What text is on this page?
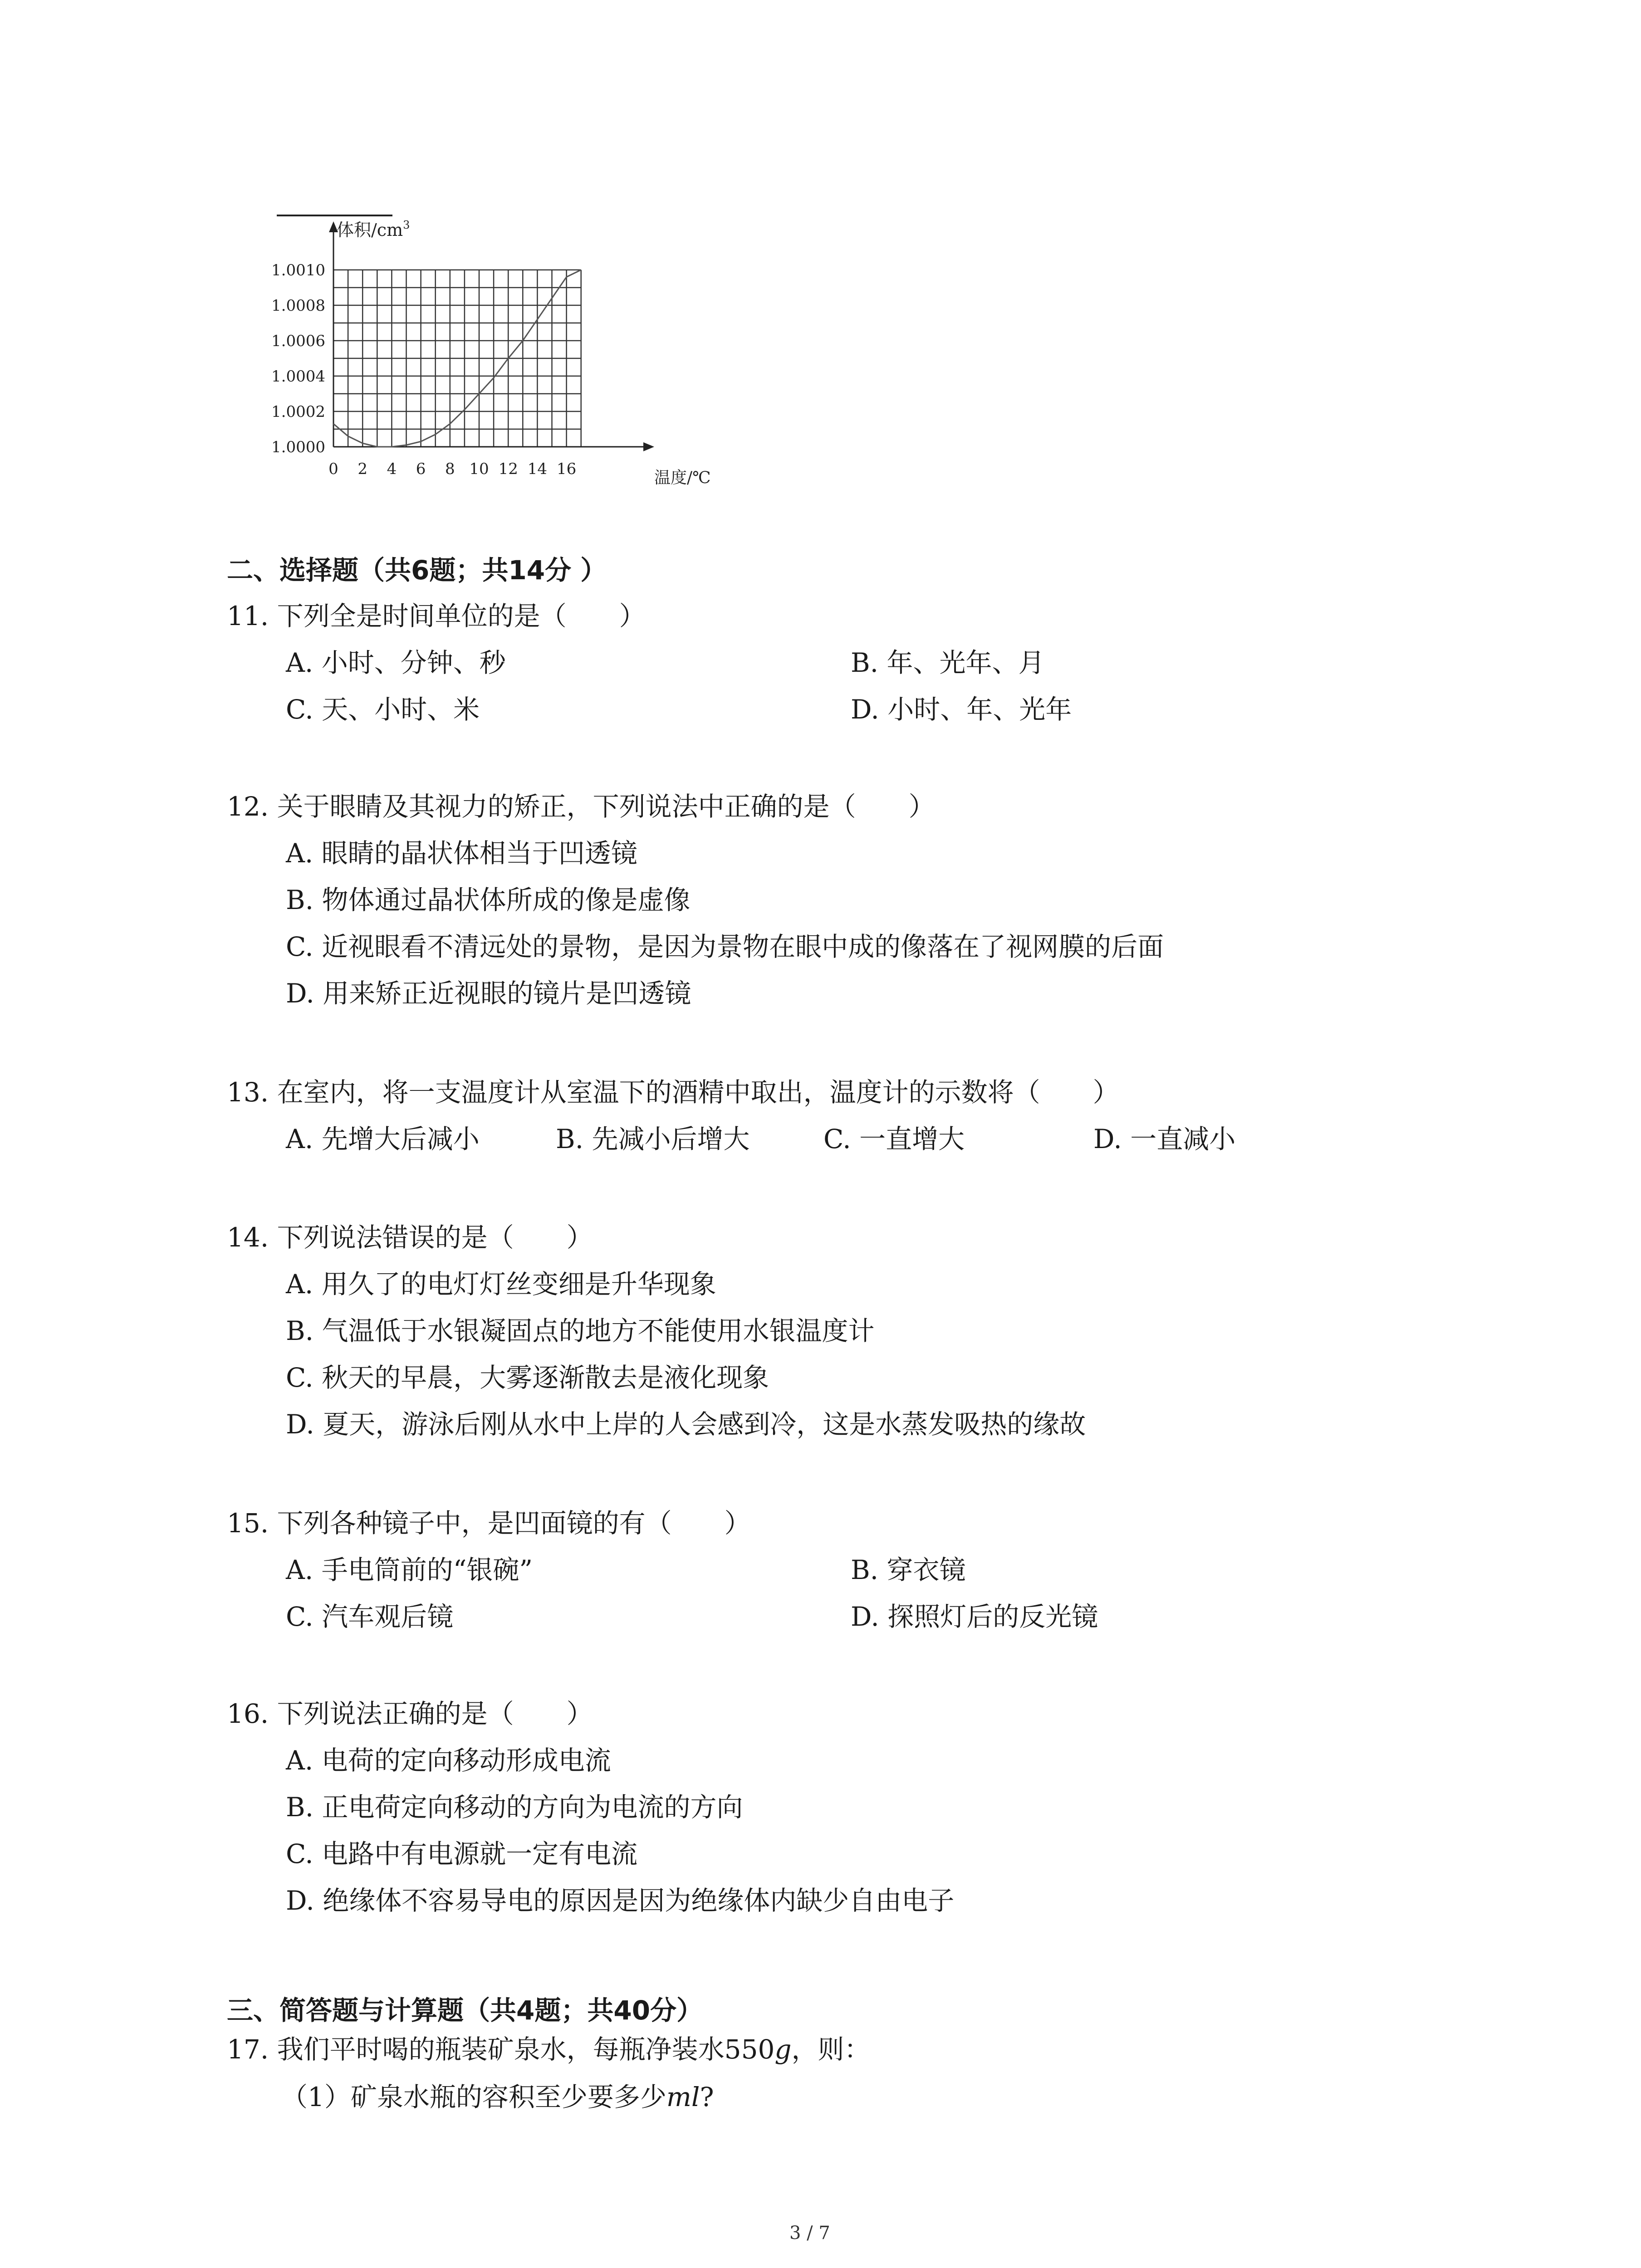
1.0000
1.0002
1.0004
1.0006
1.0008
1.0010
0 2 4 6 8 10 12 14 16
体积$/cm^3$
温度/℃
二、选择题（共6题；共14分 ）
11. 下列全是时间单位的是（　　）
A. 小时、分钟、秒	B. 年、光年、月
C. 天、小时、米	D. 小时、年、光年
12. 关于眼睛及其视力的矫正，下列说法中正确的是（　　）
A. 眼睛的晶状体相当于凹透镜
B. 物体通过晶状体所成的像是虚像
C. 近视眼看不清远处的景物，是因为景物在眼中成的像落在了视网膜的后面
D. 用来矫正近视眼的镜片是凹透镜
13. 在室内，将一支温度计从室温下的酒精中取出，温度计的示数将（　　）
A. 先增大后减小	B. 先减小后增大	C. 一直增大	D. 一直减小
14. 下列说法错误的是（　　）
A. 用久了的电灯灯丝变细是升华现象
B. 气温低于水银凝固点的地方不能使用水银温度计
C. 秋天的早晨，大雾逐渐散去是液化现象
D. 夏天，游泳后刚从水中上岸的人会感到冷，这是水蒸发吸热的缘故
15. 下列各种镜子中，是凹面镜的有（　　）
A. 手电筒前的“银碗”	B. 穿衣镜
C. 汽车观后镜	D. 探照灯后的反光镜
16. 下列说法正确的是（　　）
A. 电荷的定向移动形成电流
B. 正电荷定向移动的方向为电流的方向
C. 电路中有电源就一定有电流
D. 绝缘体不容易导电的原因是因为绝缘体内缺少自由电子
三、简答题与计算题（共4题；共40分）
17. 我们平时喝的瓶装矿泉水，每瓶净装水550g，则：
（1）矿泉水瓶的容积至少要多少ml?
3 / 7
